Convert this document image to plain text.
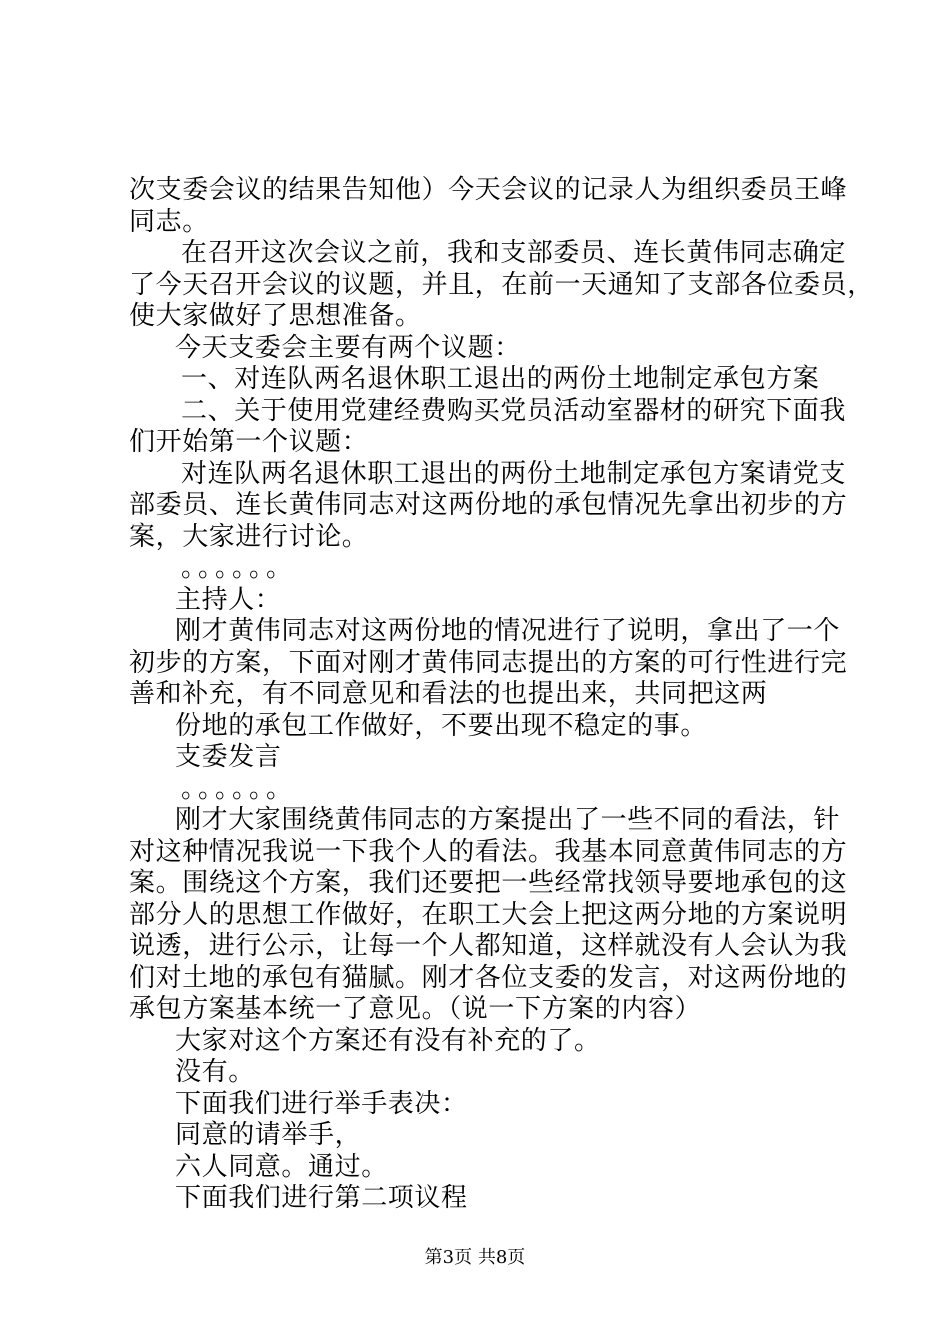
次支委会议的结果告知他）今天会议的记录人为组织委员王峰
同志。
在召开这次会议之前，我和支部委员、连长黄伟同志确定
了今天召开会议的议题，并且，在前一天通知了支部各位委员，
使大家做好了思想准备。
今天支委会主要有两个议题：
一、对连队两名退休职工退出的两份土地制定承包方案
二、关于使用党建经费购买党员活动室器材的研究下面我
们开始第一个议题：
对连队两名退休职工退出的两份土地制定承包方案请党支
部委员、连长黄伟同志对这两份地的承包情况先拿出初步的方
案，大家进行讨论。
。。。。。。
主持人：
刚才黄伟同志对这两份地的情况进行了说明，拿出了一个
初步的方案，下面对刚才黄伟同志提出的方案的可行性进行完
善和补充，有不同意见和看法的也提出来，共同把这两
份地的承包工作做好，不要出现不稳定的事。
支委发言
。。。。。。
刚才大家围绕黄伟同志的方案提出了一些不同的看法，针
对这种情况我说一下我个人的看法。我基本同意黄伟同志的方
案。围绕这个方案，我们还要把一些经常找领导要地承包的这
部分人的思想工作做好，在职工大会上把这两分地的方案说明
说透，进行公示，让每一个人都知道，这样就没有人会认为我
们对土地的承包有猫腻。刚才各位支委的发言，对这两份地的
承包方案基本统一了意见。（说一下方案的内容）
大家对这个方案还有没有补充的了。
没有。
下面我们进行举手表决：
同意的请举手，
六人同意。通过。
下面我们进行第二项议程
第3页 共8页
